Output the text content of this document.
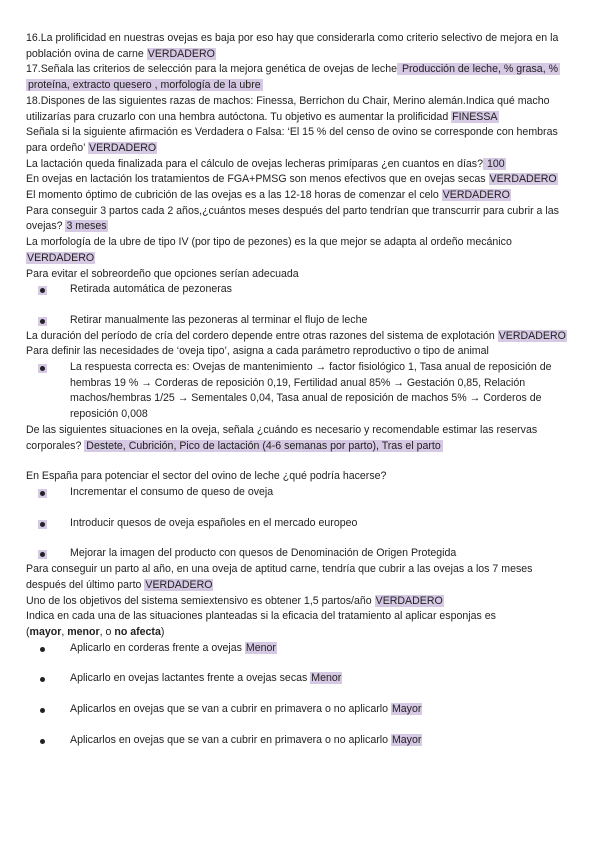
16.La prolificidad en nuestras ovejas es baja por eso hay que considerarla como criterio selectivo de mejora en la población ovina de carne VERDADERO

17.Señala las criterios de selección para la mejora genética de ovejas de leche Producción de leche, % grasa, % proteína, extracto quesero , morfología de la ubre

18.Dispones de las siguientes razas de machos: Finessa, Berrichon du Chair, Merino alemán.Indica qué macho utilizarías para cruzarlo con una hembra autóctona. Tu objetivo es aumentar la prolificidad FINESSA

Señala si la siguiente afirmación es Verdadera o Falsa: ‘El 15 % del censo de ovino se corresponde con hembras para ordeño’ VERDADERO

La lactación queda finalizada para el cálculo de ovejas lecheras primíparas ¿en cuantos en días? 100

En ovejas en lactación los tratamientos de FGA+PMSG son menos efectivos que en ovejas secas VERDADERO

El momento óptimo de cubrición de las ovejas es a las 12-18 horas de comenzar el celo VERDADERO

Para conseguir 3 partos cada 2 años,¿cuántos meses después del parto tendrían que transcurrir para cubrir a las ovejas? 3 meses

La morfología de la ubre de tipo IV (por tipo de pezones) es la que mejor se adapta al ordeño mecánico VERDADERO

Para evitar el sobreordeño que opciones serían adecuada

Retirada automática de pezoneras
Retirar manualmente las pezoneras al terminar el flujo de leche

La duración del período de cría del cordero depende entre otras razones del sistema de explotación VERDADERO

Para definir las necesidades de ‘oveja tipo’, asigna a cada parámetro reproductivo o tipo de animal

La respuesta correcta es: Ovejas de mantenimiento → factor fisiológico 1, Tasa anual de reposición de hembras 19 % → Corderas de reposición 0,19, Fertilidad anual 85% → Gestación 0,85, Relación machos/hembras 1/25 → Sementales 0,04, Tasa anual de reposición de machos 5% → Corderos de reposición 0,008

De las siguientes situaciones en la oveja, señala ¿cuándo es necesario y recomendable estimar las reservas corporales? Destete, Cubrición, Pico de lactación (4-6 semanas por parto), Tras el parto

En España para potenciar el sector del ovino de leche ¿qué podría hacerse?

Incrementar el consumo de queso de oveja
Introducir quesos de oveja españoles en el mercado europeo
Mejorar la imagen del producto con quesos de Denominación de Origen Protegida

Para conseguir un parto al año, en una oveja de aptitud carne, tendría que cubrir a las ovejas a los 7 meses después del último parto VERDADERO

Uno de los objetivos del sistema semiextensivo es obtener 1,5 partos/año VERDADERO

Indica en cada una de las situaciones planteadas si la eficacia del tratamiento al aplicar esponjas es

(mayor, menor, o no afecta)

Aplicarlo en corderas frente a ovejas Menor
Aplicarlo en ovejas lactantes frente a ovejas secas Menor
Aplicarlos en ovejas que se van a cubrir en primavera o no aplicarlo Mayor
Aplicarlos en ovejas que se van a cubrir en primavera o no aplicarlo Mayor
